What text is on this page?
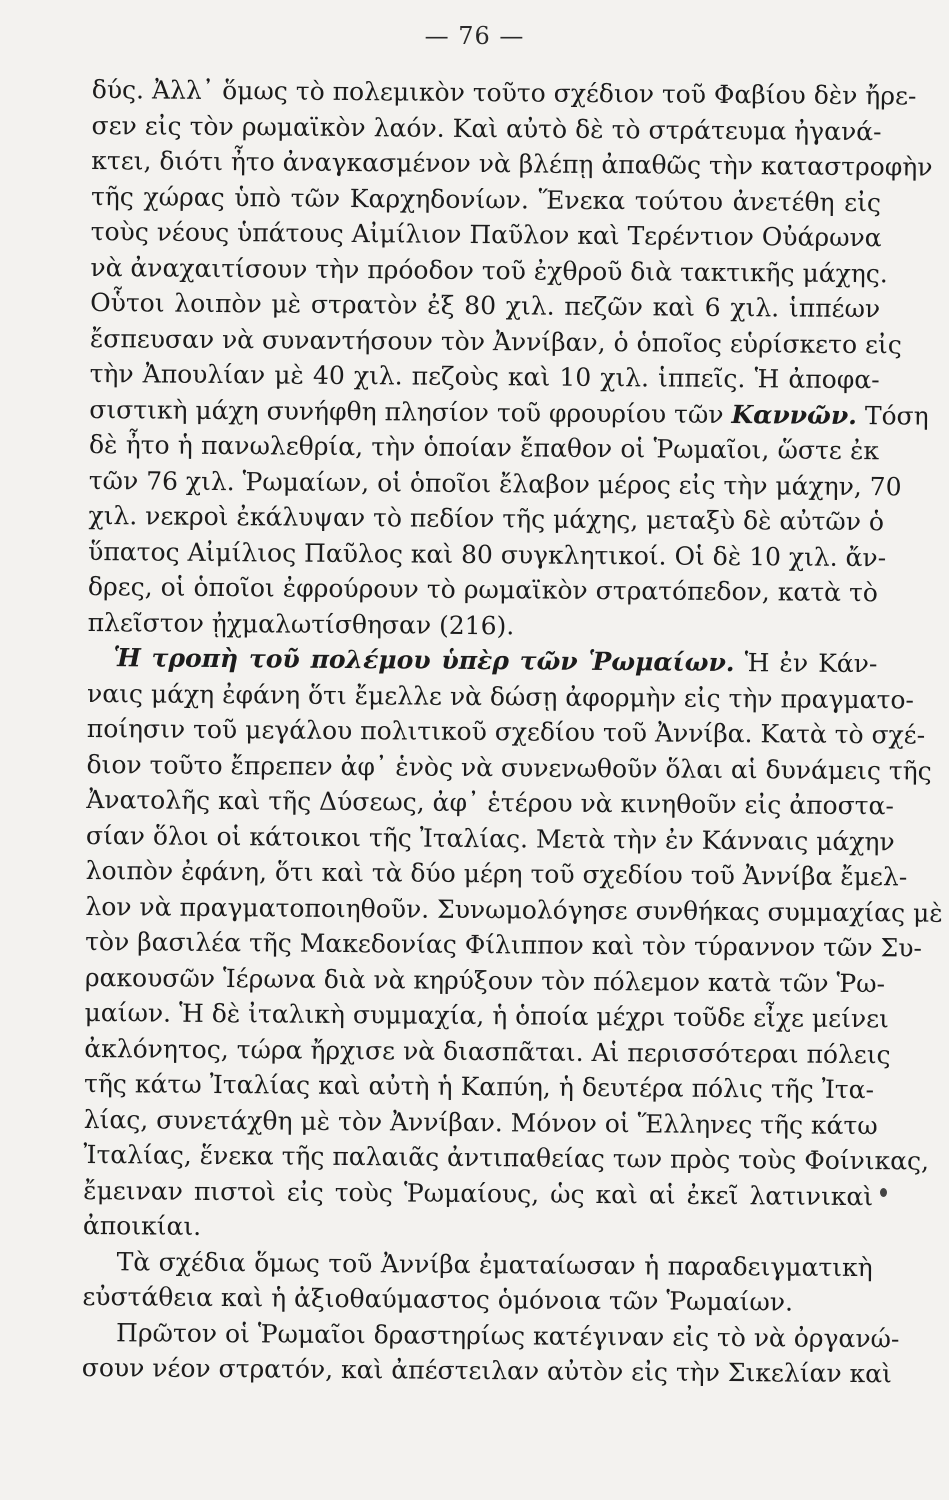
— 76 —
δύς. Ἀλλ᾽ ὅμως τὸ πολεμικὸν τοῦτο σχέδιον τοῦ Φαβίου δὲν ἤρε-
σεν εἰς τὸν ρωμαϊκὸν λαόν. Καὶ αὐτὸ δὲ τὸ στράτευμα ἠγανά-
κτει, διότι ἦτο ἀναγκασμένον νὰ βλέπῃ ἀπαθῶς τὴν καταστροφὴν
τῆς χώρας ὑπὸ τῶν Καρχηδονίων. Ἕνεκα τούτου ἀνετέθη εἰς
τοὺς νέους ὑπάτους Αἰμίλιον Παῦλον καὶ Τερέντιον Οὐάρωνα
νὰ ἀναχαιτίσουν τὴν πρόοδον τοῦ ἐχθροῦ διὰ τακτικῆς μάχης.
Οὗτοι λοιπὸν μὲ στρατὸν ἐξ 80 χιλ. πεζῶν καὶ 6 χιλ. ἱππέων
ἔσπευσαν νὰ συναντήσουν τὸν Ἀννίβαν, ὁ ὁποῖος εὑρίσκετο εἰς
τὴν Ἀπουλίαν μὲ 40 χιλ. πεζοὺς καὶ 10 χιλ. ἱππεῖς. Ἡ ἀποφα-
σιστικὴ μάχη συνήφθη πλησίον τοῦ φρουρίου τῶν Καννῶν. Τόση
δὲ ἦτο ἡ πανωλεθρία, τὴν ὁποίαν ἔπαθον οἱ Ῥωμαῖοι, ὥστε ἐκ
τῶν 76 χιλ. Ῥωμαίων, οἱ ὁποῖοι ἔλαβον μέρος εἰς τὴν μάχην, 70
χιλ. νεκροὶ ἐκάλυψαν τὸ πεδίον τῆς μάχης, μεταξὺ δὲ αὐτῶν ὁ
ὕπατος Αἰμίλιος Παῦλος καὶ 80 συγκλητικοί. Οἱ δὲ 10 χιλ. ἄν-
δρες, οἱ ὁποῖοι ἐφρούρουν τὸ ρωμαϊκὸν στρατόπεδον, κατὰ τὸ
πλεῖστον ᾐχμαλωτίσθησαν (216).
Ἡ τροπὴ τοῦ πολέμου ὑπὲρ τῶν Ῥωμαίων. Ἡ ἐν Κάν-
ναις μάχη ἐφάνη ὅτι ἔμελλε νὰ δώσῃ ἀφορμὴν εἰς τὴν πραγματο-
ποίησιν τοῦ μεγάλου πολιτικοῦ σχεδίου τοῦ Ἀννίβα. Κατὰ τὸ σχέ-
διον τοῦτο ἔπρεπεν ἀφ᾽ ἑνὸς νὰ συνενωθοῦν ὅλαι αἱ δυνάμεις τῆς
Ἀνατολῆς καὶ τῆς Δύσεως, ἀφ᾽ ἑτέρου νὰ κινηθοῦν εἰς ἀποστα-
σίαν ὅλοι οἱ κάτοικοι τῆς Ἰταλίας. Μετὰ τὴν ἐν Κάνναις μάχην
λοιπὸν ἐφάνη, ὅτι καὶ τὰ δύο μέρη τοῦ σχεδίου τοῦ Ἀννίβα ἔμελ-
λον νὰ πραγματοποιηθοῦν. Συνωμολόγησε συνθήκας συμμαχίας μὲ
τὸν βασιλέα τῆς Μακεδονίας Φίλιππον καὶ τὸν τύραννον τῶν Συ-
ρακουσῶν Ἱέρωνα διὰ νὰ κηρύξουν τὸν πόλεμον κατὰ τῶν Ῥω-
μαίων. Ἡ δὲ ἰταλικὴ συμμαχία, ἡ ὁποία μέχρι τοῦδε εἶχε μείνει
ἀκλόνητος, τώρα ἤρχισε νὰ διασπᾶται. Αἱ περισσότεραι πόλεις
τῆς κάτω Ἰταλίας καὶ αὐτὴ ἡ Καπύη, ἡ δευτέρα πόλις τῆς Ἰτα-
λίας, συνετάχθη μὲ τὸν Ἀννίβαν. Μόνον οἱ Ἕλληνες τῆς κάτω
Ἰταλίας, ἕνεκα τῆς παλαιᾶς ἀντιπαθείας των πρὸς τοὺς Φοίνικας,
ἔμειναν πιστοὶ εἰς τοὺς Ῥωμαίους, ὡς καὶ αἱ ἐκεῖ λατινικαὶ
ἀποικίαι.
Τὰ σχέδια ὅμως τοῦ Ἀννίβα ἐματαίωσαν ἡ παραδειγματικὴ
εὐστάθεια καὶ ἡ ἀξιοθαύμαστος ὁμόνοια τῶν Ῥωμαίων.
Πρῶτον οἱ Ῥωμαῖοι δραστηρίως κατέγιναν εἰς τὸ νὰ ὀργανώ-
σουν νέον στρατόν, καὶ ἀπέστειλαν αὐτὸν εἰς τὴν Σικελίαν καὶ
